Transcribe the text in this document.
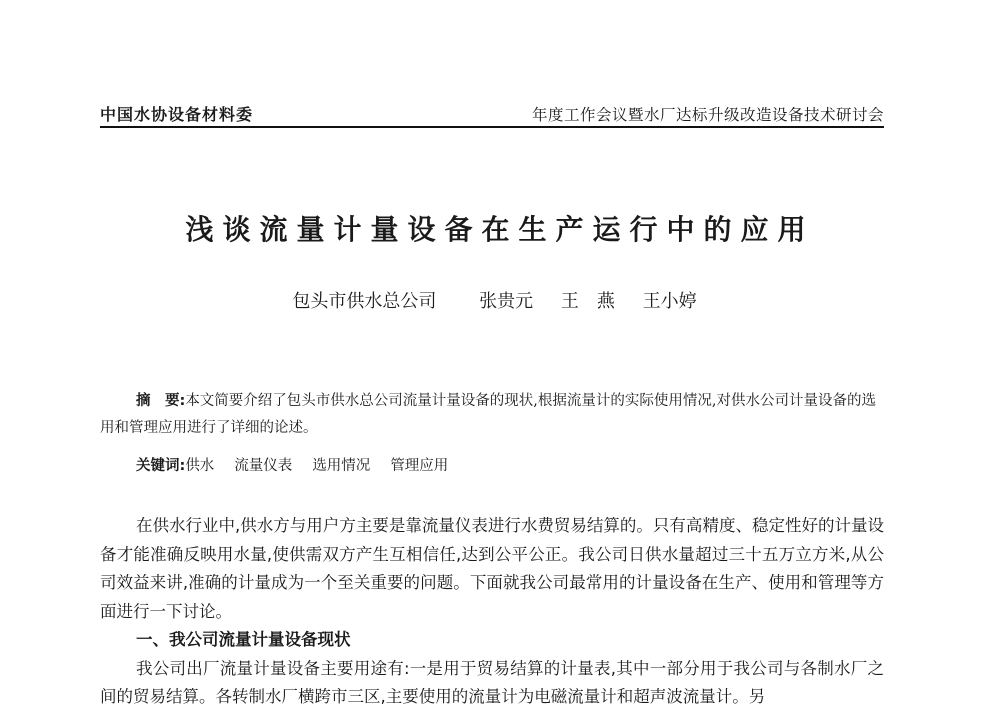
中国水协设备材料委	年度工作会议暨水厂达标升级改造设备技术研讨会
浅谈流量计量设备在生产运行中的应用
包头市供水总公司 张贵元 王　燕 王小婷
摘　要:本文简要介绍了包头市供水总公司流量计量设备的现状,根据流量计的实际使用情况,对供水公司计量设备的选用和管理应用进行了详细的论述。
关键词:供水 流量仪表 选用情况 管理应用

在供水行业中,供水方与用户方主要是靠流量仪表进行水费贸易结算的。只有高精度、稳定性好的计量设备才能准确反映用水量,使供需双方产生互相信任,达到公平公正。我公司日供水量超过三十五万立方米,从公司效益来讲,准确的计量成为一个至关重要的问题。下面就我公司最常用的计量设备在生产、使用和管理等方面进行一下讨论。

一、我公司流量计量设备现状

我公司出厂流量计量设备主要用途有:一是用于贸易结算的计量表,其中一部分用于我公司与各制水厂之间的贸易结算。各转制水厂横跨市三区,主要使用的流量计为电磁流量计和超声波流量计。另
